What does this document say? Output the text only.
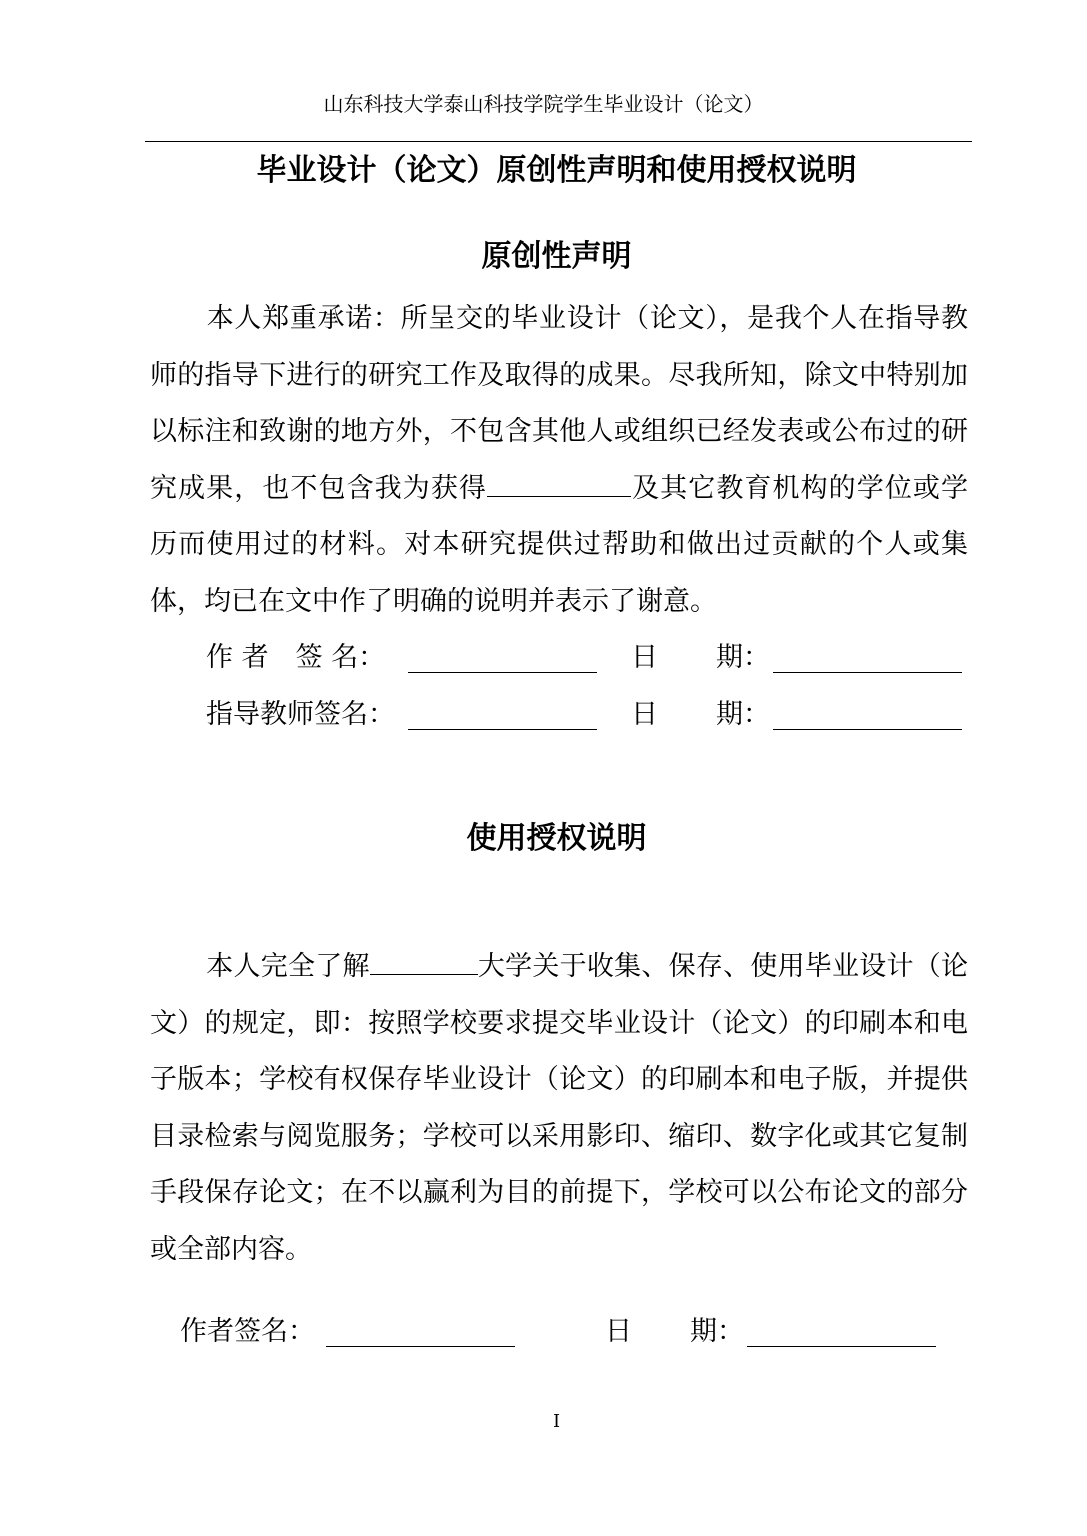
山东科技大学泰山科技学院学生毕业设计（论文）
毕业设计（论文）原创性声明和使用授权说明
原创性声明

本人郑重承诺：所呈交的毕业设计（论文），是我个人在指导教师的指导下进行的研究工作及取得的成果。尽我所知，除文中特别加以标注和致谢的地方外，不包含其他人或组织已经发表或公布过的研究成果，也不包含我为获得	及其它教育机构的学位或学历而使用过的材料。对本研究提供过帮助和做出过贡献的个人或集体，均已在文中作了明确的说明并表示了谢意。

作 者　签 名：	日 期：
指导教师签名：	日 期：
使用授权说明

本人完全了解	大学关于收集、保存、使用毕业设计（论文）的规定，即：按照学校要求提交毕业设计（论文）的印刷本和电子版本；学校有权保存毕业设计（论文）的印刷本和电子版，并提供目录检索与阅览服务；学校可以采用影印、缩印、数字化或其它复制手段保存论文；在不以赢利为目的前提下，学校可以公布论文的部分或全部内容。

作者签名：	日 期：
I
